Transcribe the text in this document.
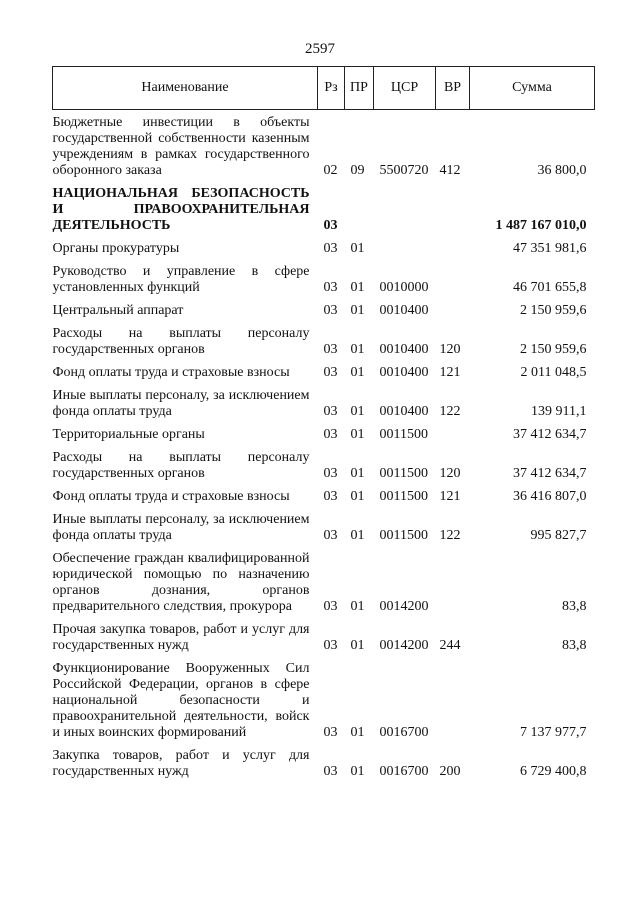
2597
Наименование	Рз	ПР	ЦСР	ВР	Сумма
Бюджетные инвестиции в объекты государственной собственности казенным учреждениям в рамках государственного оборонного заказа	02	09	5500720	412	36 800,0
НАЦИОНАЛЬНАЯ БЕЗОПАСНОСТЬ И ПРАВООХРАНИТЕЛЬНАЯ ДЕЯТЕЛЬНОСТЬ	03				1 487 167 010,0
Органы прокуратуры	03	01			47 351 981,6
Руководство и управление в сфере установленных функций	03	01	0010000		46 701 655,8
Центральный аппарат	03	01	0010400		2 150 959,6
Расходы на выплаты персоналу государственных органов	03	01	0010400	120	2 150 959,6
Фонд оплаты труда и страховые взносы	03	01	0010400	121	2 011 048,5
Иные выплаты персоналу, за исключением фонда оплаты труда	03	01	0010400	122	139 911,1
Территориальные органы	03	01	0011500		37 412 634,7
Расходы на выплаты персоналу государственных органов	03	01	0011500	120	37 412 634,7
Фонд оплаты труда и страховые взносы	03	01	0011500	121	36 416 807,0
Иные выплаты персоналу, за исключением фонда оплаты труда	03	01	0011500	122	995 827,7
Обеспечение граждан квалифицированной юридической помощью по назначению органов дознания, органов предварительного следствия, прокурора	03	01	0014200		83,8
Прочая закупка товаров, работ и услуг для государственных нужд	03	01	0014200	244	83,8
Функционирование Вооруженных Сил Российской Федерации, органов в сфере национальной безопасности и правоохранительной деятельности, войск и иных воинских формирований	03	01	0016700		7 137 977,7
Закупка товаров, работ и услуг для государственных нужд	03	01	0016700	200	6 729 400,8
